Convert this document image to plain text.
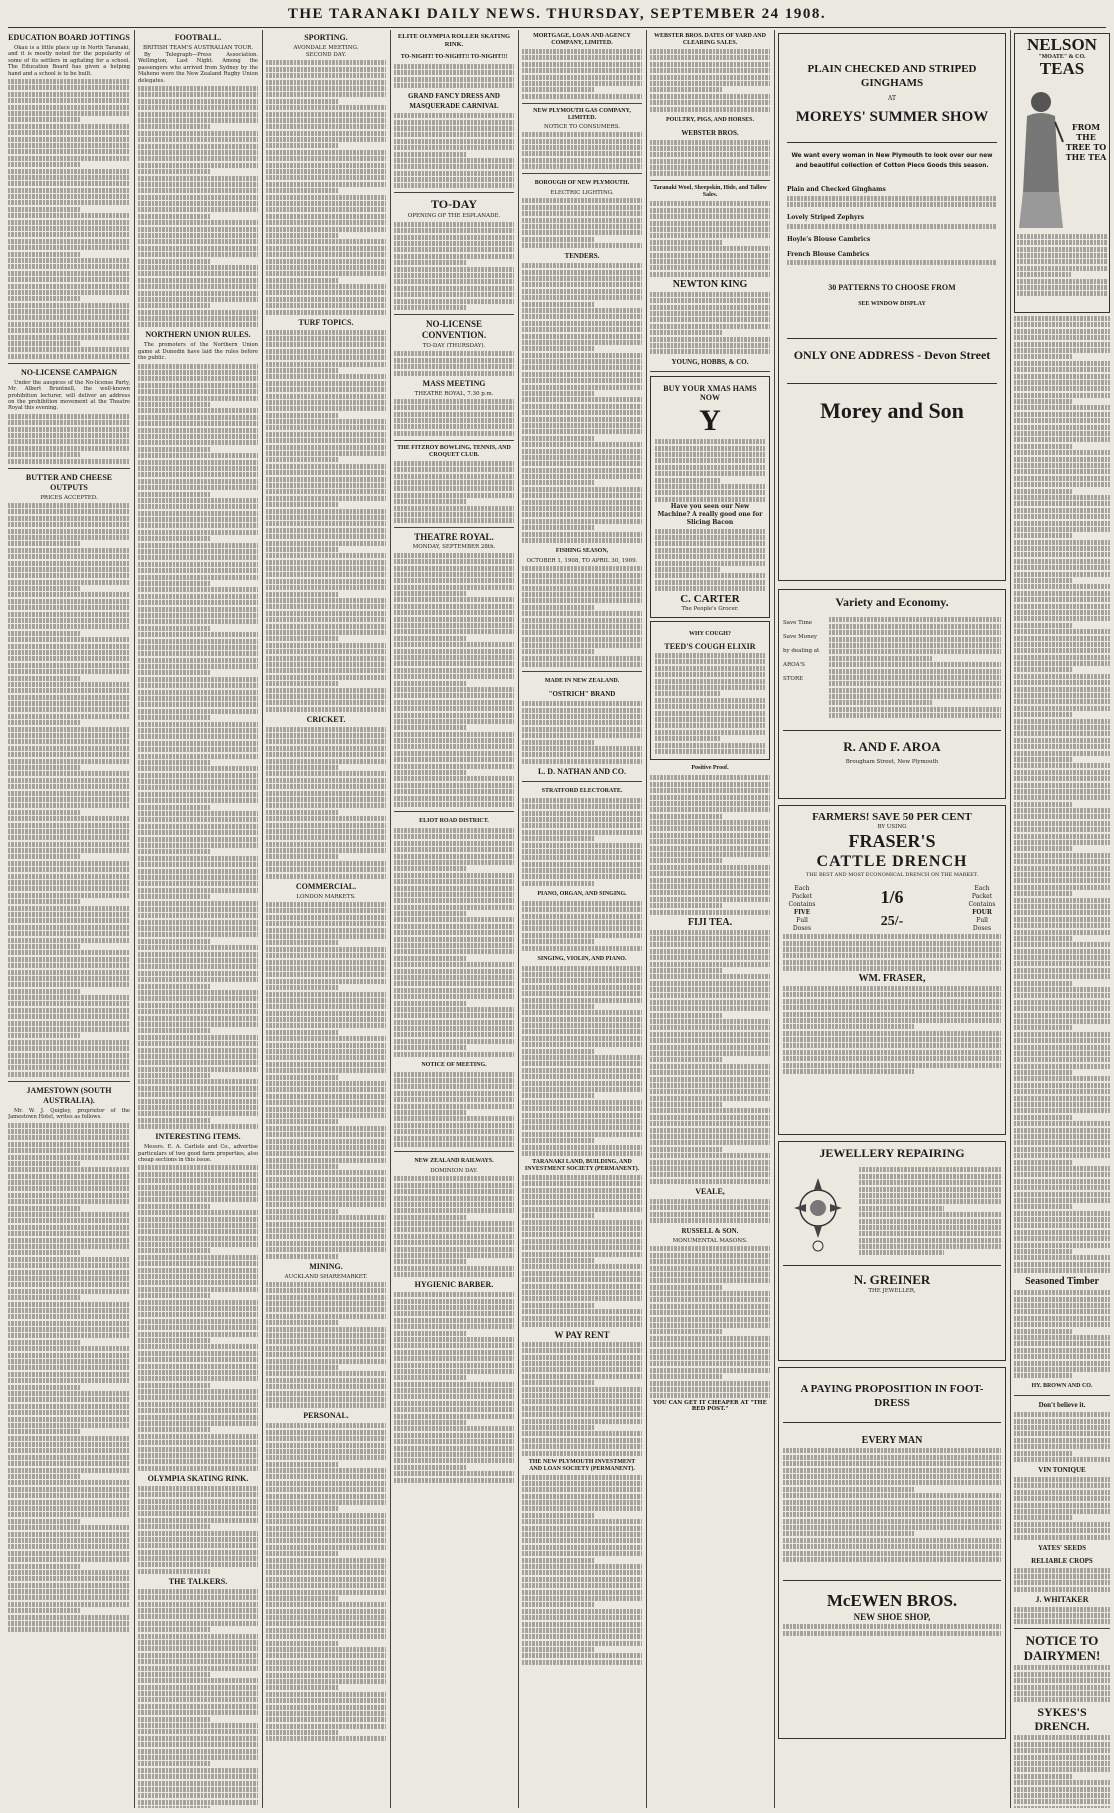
THE TARANAKI DAILY NEWS. THURSDAY, SEPTEMBER 24 1908.
EDUCATION BOARD JOTTINGS

Okau is a little place up in North Taranaki, and it is mostly noted for the popularity of some of its settlers in agitating for a school. The Education Board has given a helping hand and a school is to be built.

NO-LICENSE CAMPAIGN

Under the auspices of the No-license Party, Mr. Albert Bruntnell, the well-known prohibition lecturer, will deliver an address on the prohibition movement at the Theatre Royal this evening.

BUTTER AND CHEESE OUTPUTS
PRICES ACCEPTED.
JAMESTOWN (SOUTH AUSTRALIA).

Mr. W. J. Quigley, proprietor of the Jamestown Hotel, writes as follows.

FOOTBALL.
BRITISH TEAM'S AUSTRALIAN TOUR.

By Telegraph—Press Association. Wellington, Last Night. Among the passengers who arrived from Sydney by the Maheno were the New Zealand Rugby Union delegates.

NORTHERN UNION RULES.

The promoters of the Northern Union game at Dunedin have laid the rules before the public.

INTERESTING ITEMS.

Messrs. E. A. Carlisle and Co., advertise particulars of two good farm properties, also cheap sections in this issue.

OLYMPIA SKATING RINK.
THE TALKERS.
SPORTING.
AVONDALE MEETING.
SECOND DAY.
TURF TOPICS.
CRICKET.
COMMERCIAL.
LONDON MARKETS.
MINING.
AUCKLAND SHAREMARKET.
PERSONAL.
ELITE OLYMPIA ROLLER SKATING RINK.
TO-NIGHT! TO-NIGHT!! TO-NIGHT!!!
GRAND FANCY DRESS AND MASQUERADE CARNIVAL
TO-DAY
OPENING OF THE ESPLANADE.
NO-LICENSE CONVENTION.
TO-DAY (THURSDAY).
MASS MEETING
THEATRE ROYAL, 7.30 p.m.
THE FITZROY BOWLING, TENNIS, AND CROQUET CLUB.
THEATRE ROYAL.
MONDAY, SEPTEMBER 28th.
ELIOT ROAD DISTRICT.
NOTICE OF MEETING.
NEW ZEALAND RAILWAYS.
DOMINION DAY.
HYGIENIC BARBER.
MORTGAGE, LOAN AND AGENCY COMPANY, LIMITED.
NEW PLYMOUTH GAS COMPANY, LIMITED.
NOTICE TO CONSUMERS.
BOROUGH OF NEW PLYMOUTH.
ELECTRIC LIGHTING.
TENDERS.
FISHING SEASON,
OCTOBER 1, 1908, TO APRIL 30, 1909.
MADE IN NEW ZEALAND.
"OSTRICH" BRAND
L. D. NATHAN AND CO.
STRATFORD ELECTORATE.
PIANO, ORGAN, AND SINGING.
SINGING, VIOLIN, AND PIANO.
TARANAKI LAND, BUILDING, AND INVESTMENT SOCIETY (PERMANENT).
W PAY RENT
THE NEW PLYMOUTH INVESTMENT AND LOAN SOCIETY (PERMANENT).
WEBSTER BROS. DATES OF YARD AND CLEARING SALES.
POULTRY, PIGS, AND HORSES.
WEBSTER BROS.
Taranaki Wool, Sheepskin, Hide, and Tallow Sales.
NEWTON KING
YOUNG, HOBBS, & CO.
BUY YOUR XMAS HAMS NOW
Y
Have you seen our New Machine? A really good one for Slicing Bacon
C. CARTER
The People's Grocer.
WHY COUGH?
TEED'S COUGH ELIXIR
Positive Proof.
FIJI TEA.
VEALE,
RUSSELL & SON.
MONUMENTAL MASONS.
YOU CAN GET IT CHEAPER AT "THE RED POST."
PLAIN CHECKED AND STRIPED GINGHAMS
AT
MOREYS' SUMMER SHOW
We want every woman in New Plymouth to look over our new and beautiful collection of Cotton Piece Goods this season.
Plain and Checked Ginghams
Lovely Striped Zephyrs
Hoyle's Blouse Cambrics
French Blouse Cambrics
30 PATTERNS TO CHOOSE FROM
SEE WINDOW DISPLAY
ONLY ONE ADDRESS - Devon Street
Morey and Son
Variety and Economy.
Save Time
Save Money
by dealing at
AROA'S STORE
R. AND F. AROA
Brougham Street, New Plymouth
FARMERS! SAVE 50 PER CENT
BY USING
FRASER'S
CATTLE DRENCH
THE BEST AND MOST ECONOMICAL DRENCH ON THE MARKET.
Each
Packet
Contains
FIVE
Full
Doses
1/6
25/-
Each
Packet
Contains
FOUR
Full
Doses
WM. FRASER,
JEWELLERY REPAIRING
N. GREINER
THE JEWELLER,
A PAYING PROPOSITION IN FOOT-DRESS
EVERY MAN
McEWEN BROS.
NEW SHOE SHOP,
NELSON
"MOATE" & CO.
TEAS
FROM THE TREE TO THE TEA
Seasoned Timber
HY. BROWN AND CO.
Don't believe it.
VIN TONIQUE
YATES' SEEDS
RELIABLE CROPS
J. WHITAKER
NOTICE TO DAIRYMEN!
SYKES'S DRENCH.
